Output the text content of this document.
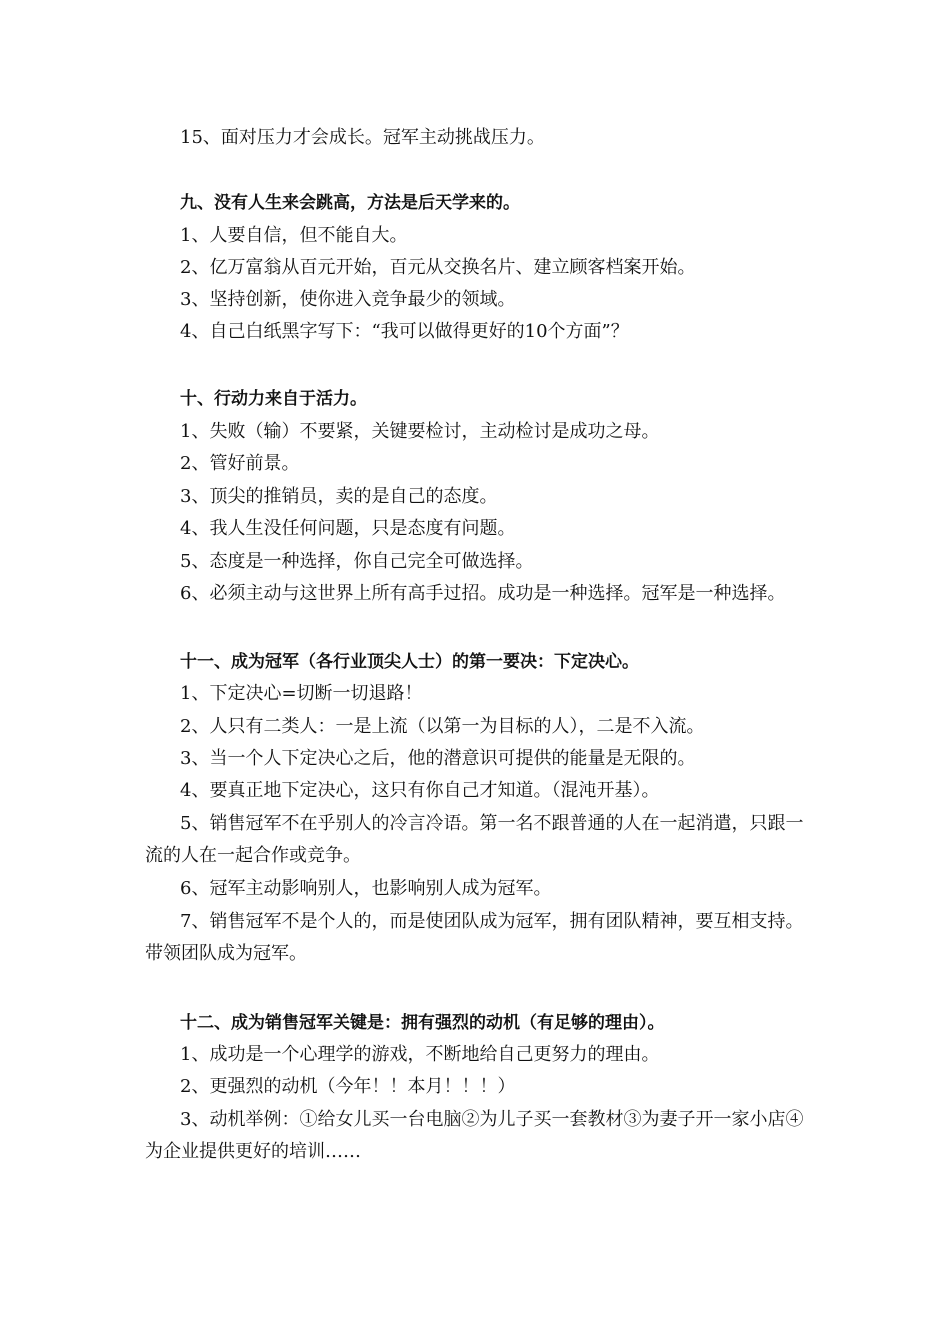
15、面对压力才会成长。冠军主动挑战压力。
九、没有人生来会跳高，方法是后天学来的。
1、人要自信，但不能自大。
2、亿万富翁从百元开始，百元从交换名片、建立顾客档案开始。
3、坚持创新，使你进入竞争最少的领域。
4、自己白纸黑字写下：“我可以做得更好的10个方面”？
十、行动力来自于活力。
1、失败（输）不要紧，关键要检讨，主动检讨是成功之母。
2、管好前景。
3、顶尖的推销员，卖的是自己的态度。
4、我人生没任何问题，只是态度有问题。
5、态度是一种选择，你自己完全可做选择。
6、必须主动与这世界上所有高手过招。成功是一种选择。冠军是一种选择。
十一、成为冠军（各行业顶尖人士）的第一要决：下定决心。
1、下定决心=切断一切退路！
2、人只有二类人：一是上流（以第一为目标的人），二是不入流。
3、当一个人下定决心之后，他的潜意识可提供的能量是无限的。
4、要真正地下定决心，这只有你自己才知道。（混沌开基）。
5、销售冠军不在乎别人的冷言冷语。第一名不跟普通的人在一起消遣，只跟一流的人在一起合作或竞争。
6、冠军主动影响别人，也影响别人成为冠军。
7、销售冠军不是个人的，而是使团队成为冠军，拥有团队精神，要互相支持。带领团队成为冠军。
十二、成为销售冠军关键是：拥有强烈的动机（有足够的理由）。
1、成功是一个心理学的游戏，不断地给自己更努力的理由。
2、更强烈的动机（今年！！本月！！！）
3、动机举例：①给女儿买一台电脑②为儿子买一套教材③为妻子开一家小店④为企业提供更好的培训……
